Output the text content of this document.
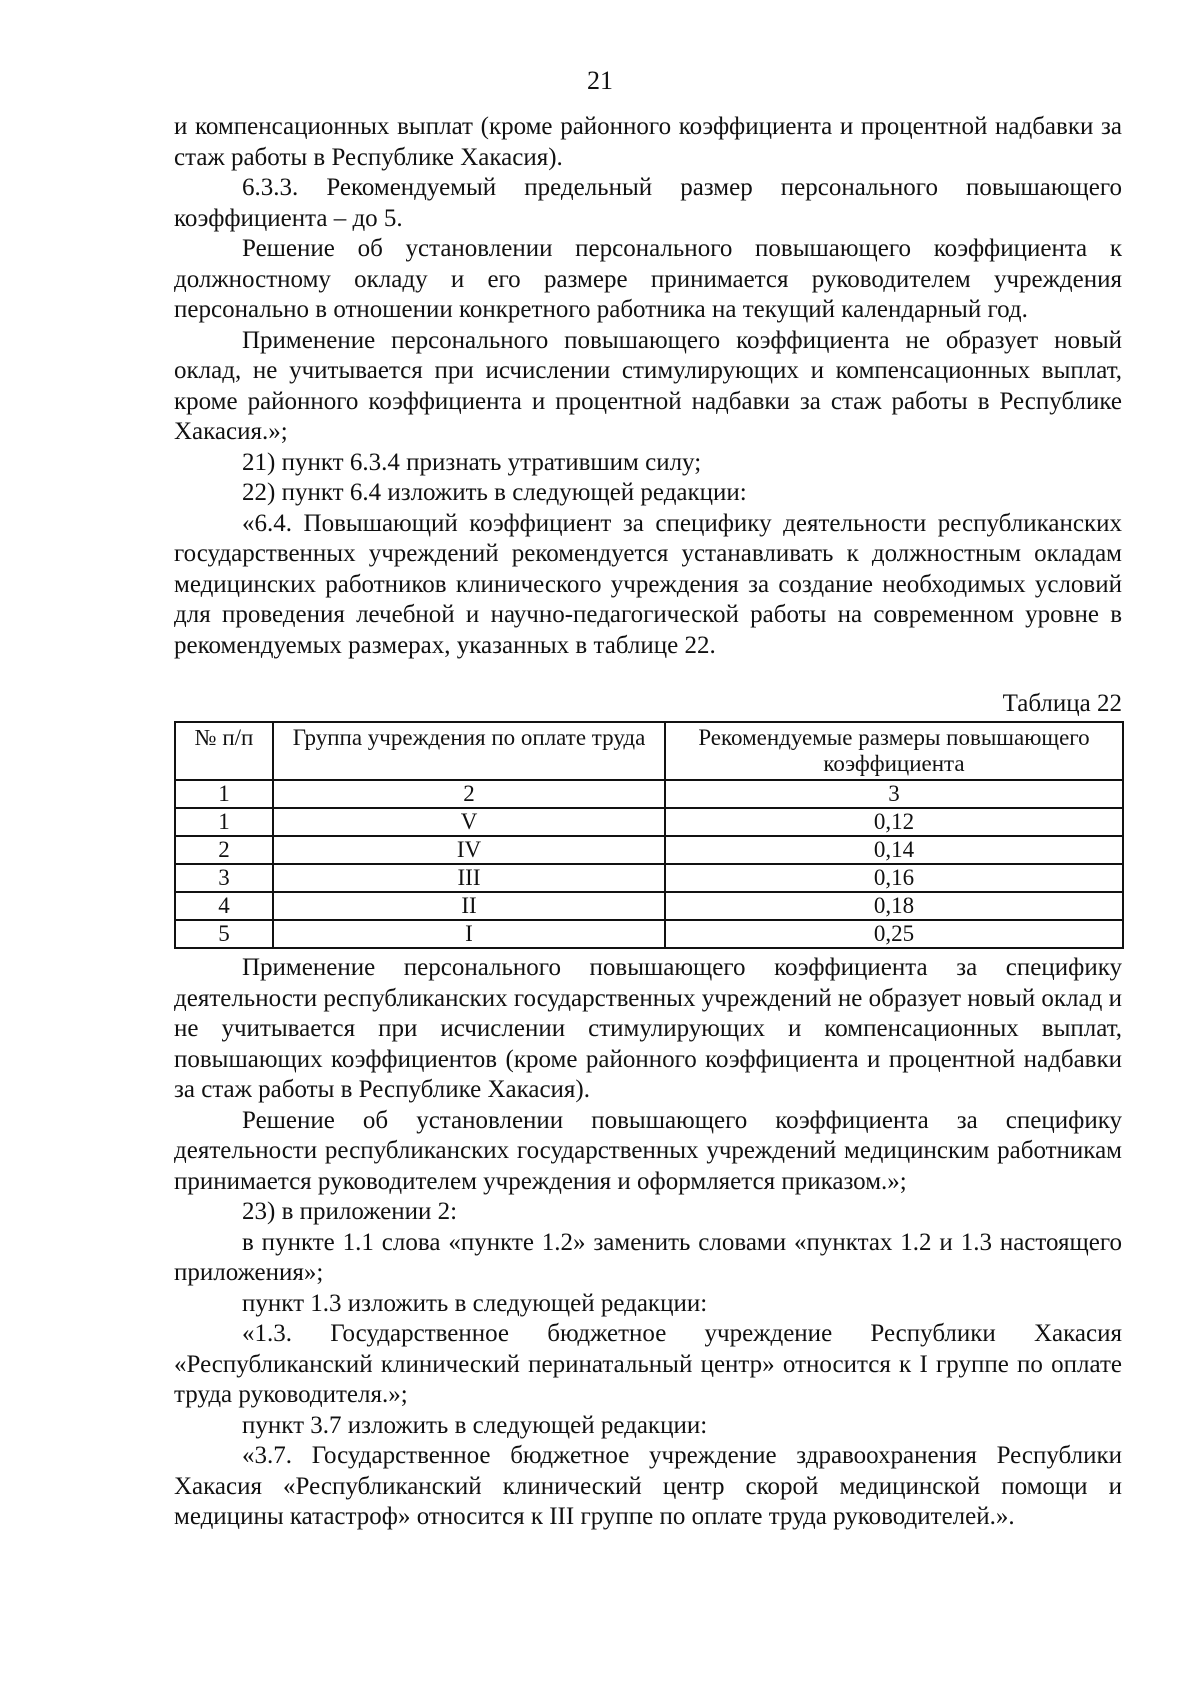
21

и компенсационных выплат (кроме районного коэффициента и процентной надбавки за стаж работы в Республике Хакасия).

6.3.3. Рекомендуемый предельный размер персонального повышающего коэффициента – до 5.

Решение об установлении персонального повышающего коэффициента к должностному окладу и его размере принимается руководителем учреждения персонально в отношении конкретного работника на текущий календарный год.

Применение персонального повышающего коэффициента не образует новый оклад, не учитывается при исчислении стимулирующих и компенсационных выплат, кроме районного коэффициента и процентной надбавки за стаж работы в Республике Хакасия.»;

21) пункт 6.3.4 признать утратившим силу;

22) пункт 6.4 изложить в следующей редакции:

«6.4. Повышающий коэффициент за специфику деятельности республиканских государственных учреждений рекомендуется устанавливать к должностным окладам медицинских работников клинического учреждения за создание необходимых условий для проведения лечебной и научно-педагогической работы на современном уровне в рекомендуемых размерах, указанных в таблице 22.

Таблица 22
№ п/п	Группа учреждения по оплате труда	Рекомендуемые размеры повышающего коэффициента
1	2	3
1	V	0,12
2	IV	0,14
3	III	0,16
4	II	0,18
5	I	0,25

Применение персонального повышающего коэффициента за специфику деятельности республиканских государственных учреждений не образует новый оклад и не учитывается при исчислении стимулирующих и компенсационных выплат, повышающих коэффициентов (кроме районного коэффициента и процентной надбавки за стаж работы в Республике Хакасия).

Решение об установлении повышающего коэффициента за специфику деятельности республиканских государственных учреждений медицинским работникам принимается руководителем учреждения и оформляется приказом.»;

23) в приложении 2:

в пункте 1.1 слова «пункте 1.2» заменить словами «пунктах 1.2 и 1.3 настоящего приложения»;

пункт 1.3 изложить в следующей редакции:

«1.3. Государственное бюджетное учреждение Республики Хакасия «Республиканский клинический перинатальный центр» относится к I группе по оплате труда руководителя.»;

пункт 3.7 изложить в следующей редакции:

«3.7. Государственное бюджетное учреждение здравоохранения Республики Хакасия «Республиканский клинический центр скорой медицинской помощи и медицины катастроф» относится к III группе по оплате труда руководителей.».
